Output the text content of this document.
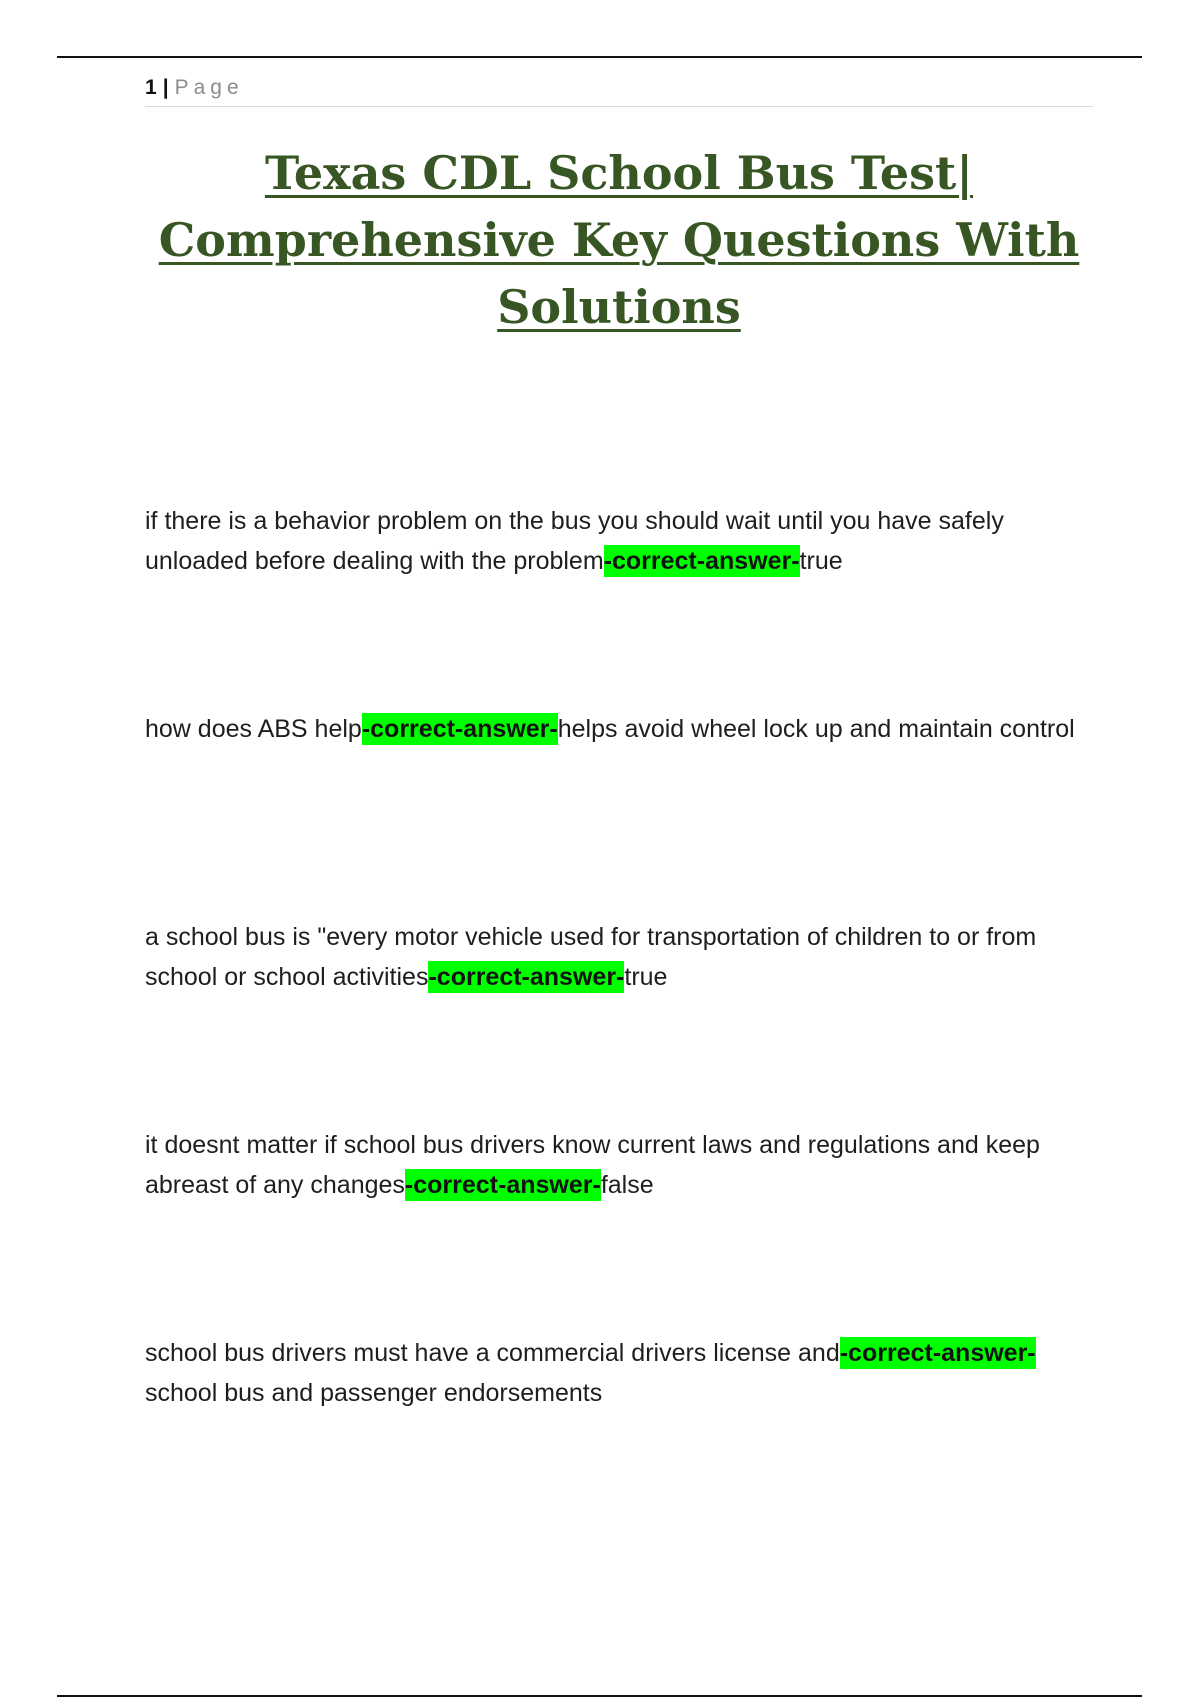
1 | Page
Texas CDL School Bus Test| Comprehensive Key Questions With Solutions

if there is a behavior problem on the bus you should wait until you have safely unloaded before dealing with the problem-correct-answer-true

how does ABS help-correct-answer-helps avoid wheel lock up and maintain control

a school bus is "every motor vehicle used for transportation of children to or from school or school activities-correct-answer-true

it doesnt matter if school bus drivers know current laws and regulations and keep abreast of any changes-correct-answer-false

school bus drivers must have a commercial drivers license and-correct-answer-school bus and passenger endorsements
